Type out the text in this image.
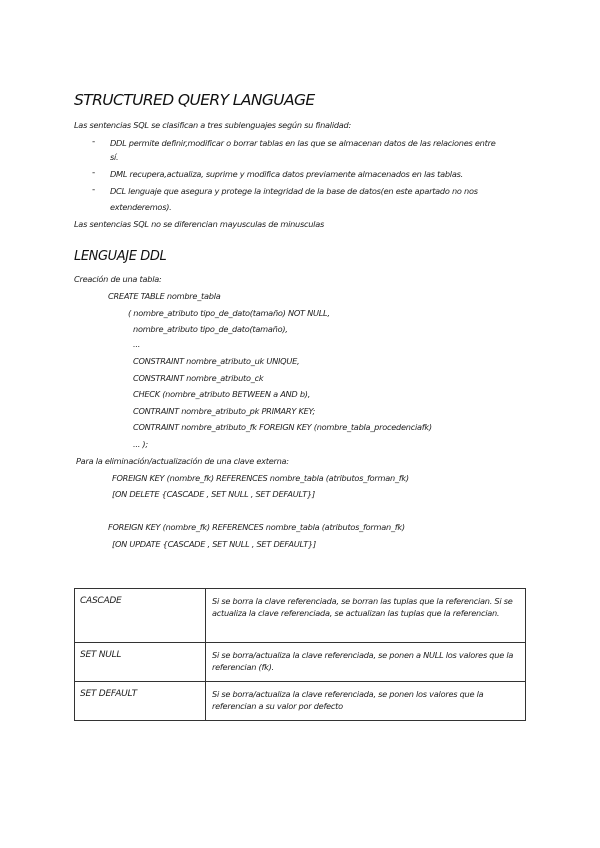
STRUCTURED QUERY LANGUAGE
Las sentencias SQL se clasifican a tres sublenguajes según su finalidad:
- DDL permite definir,modificar o borrar tablas en las que se almacenan datos de las relaciones entre
sí.
- DML recupera,actualiza, suprime y modifica datos previamente almacenados en las tablas.
- DCL lenguaje que asegura y protege la integridad de la base de datos(en este apartado no nos
extenderemos).
Las sentencias SQL no se diferencian mayusculas de minusculas
LENGUAJE DDL
Creación de una tabla:
CREATE TABLE nombre_tabla
( nombre_atributo tipo_de_dato(tamaño) NOT NULL,
nombre_atributo tipo_de_dato(tamaño),
...
CONSTRAINT nombre_atributo_uk UNIQUE,
CONSTRAINT nombre_atributo_ck
CHECK (nombre_atributo BETWEEN a AND b),
CONTRAINT nombre_atributo_pk PRIMARY KEY;
CONTRAINT nombre_atributo_fk FOREIGN KEY (nombre_tabla_procedenciafk)
... );
Para la eliminación/actualización de una clave externa:
FOREIGN KEY (nombre_fk) REFERENCES nombre_tabla (atributos_forman_fk)
[ON DELETE {CASCADE , SET NULL , SET DEFAULT}]
FOREIGN KEY (nombre_fk) REFERENCES nombre_tabla (atributos_forman_fk)
[ON UPDATE {CASCADE , SET NULL , SET DEFAULT}]
CASCADE	Si se borra la clave referenciada, se borran las tuplas que la referencian. Si se actualiza la clave referenciada, se actualizan las tuplas que la referencian.
SET NULL	Si se borra/actualiza la clave referenciada, se ponen a NULL los valores que la referencian (fk).
SET DEFAULT	Si se borra/actualiza la clave referenciada, se ponen los valores que la referencian a su valor por defecto
